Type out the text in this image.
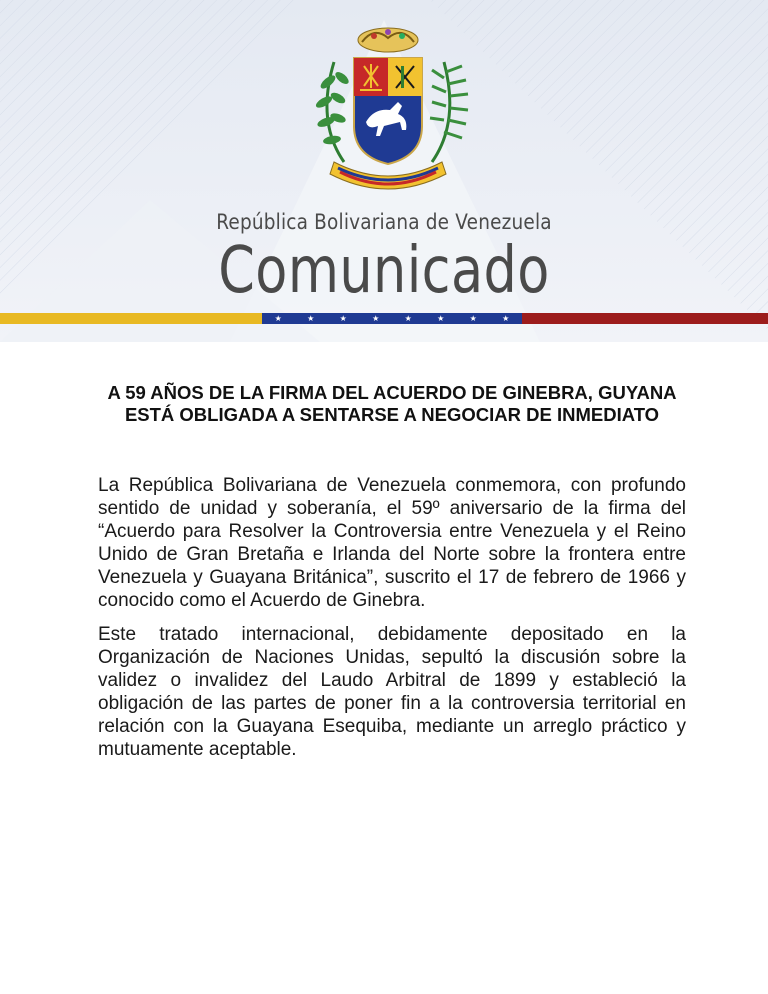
República Bolivariana de Venezuela
Comunicado
★	★	★	★	★	★	★	★
A 59 AÑOS DE LA FIRMA DEL ACUERDO DE GINEBRA, GUYANA ESTÁ OBLIGADA A SENTARSE A NEGOCIAR DE INMEDIATO

La República Bolivariana de Venezuela conmemora, con profundo sentido de unidad y soberanía, el 59º aniversario de la firma del “Acuerdo para Resolver la Controversia entre Venezuela y el Reino Unido de Gran Bretaña e Irlanda del Norte sobre la frontera entre Venezuela y Guayana Británica”, suscrito el 17 de febrero de 1966 y conocido como el Acuerdo de Ginebra.

Este tratado internacional, debidamente depositado en la Organización de Naciones Unidas, sepultó la discusión sobre la validez o invalidez del Laudo Arbitral de 1899 y estableció la obligación de las partes de poner fin a la controversia territorial en relación con la Guayana Esequiba, mediante un arreglo práctico y mutuamente aceptable.
